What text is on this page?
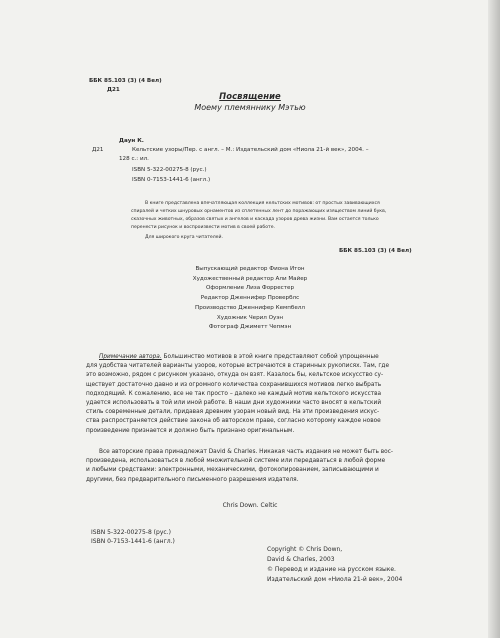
ББК 85.103 (3) (4 Вел)
Д21
Посвящение
Моему племяннику Мэтью
Даун К.
Д21	Кельтские узоры/Пер. с англ. – М.: Издательский дом «Ниола 21-й век», 2004. –
128 с.: ил.
ISBN 5-322-00275-8 (рус.)
ISBN 0-7153-1441-6 (англ.)
В книге представлена впечатляющая коллекция кельтских мотивов: от простых завивающихся
спиралей и четких шнуровых орнаментов из сплетенных лент до поражающих изяществом линий букв,
сказочных животных, образов святых и ангелов и каскада узоров древа жизни. Вам остается только
перенести рисунок и воспроизвести мотив в своей работе.
Для широкого круга читателей.
ББК 85.103 (3) (4 Вел)
Выпускающий редактор Фиона Итон
Художественный редактор Али Майер
Оформление Лиза Форрестер
Редактор Дженнифер Проверблс
Производство Дженнифер Кемпбелл
Художник Черил Оуэн
Фотограф Джиметт Чепмэн
Примечание автора. Большинство мотивов в этой книге представляют собой упрощенные
для удобства читателей варианты узоров, которые встречаются в старинных рукописях. Там, где
это возможно, рядом с рисунком указано, откуда он взят. Казалось бы, кельтское искусство су-
ществует достаточно давно и из огромного количества сохранившихся мотивов легко выбрать
подходящий. К сожалению, все не так просто – далеко не каждый мотив кельтского искусства
удается использовать в той или иной работе. В наши дни художники часто вносят в кельтский
стиль современные детали, придавая древним узорам новый вид. На эти произведения искус-
ства распространяется действие закона об авторском праве, согласно которому каждое новое
произведение признается и должно быть признано оригинальным.
Все авторские права принадлежат David & Charles. Никакая часть издания не может быть вос-
произведена, использоваться в любой множительной системе или передаваться в любой форме
и любыми средствами: электронными, механическими, фотокопированием, записывающими и
другими, без предварительного письменного разрешения издателя.
Chris Down. Celtic
ISBN 5-322-00275-8 (рус.)
ISBN 0-7153-1441-6 (англ.)
Copyright © Chris Down,
David & Charles, 2003
© Перевод и издание на русском языке.
Издательский дом «Ниола 21-й век», 2004
